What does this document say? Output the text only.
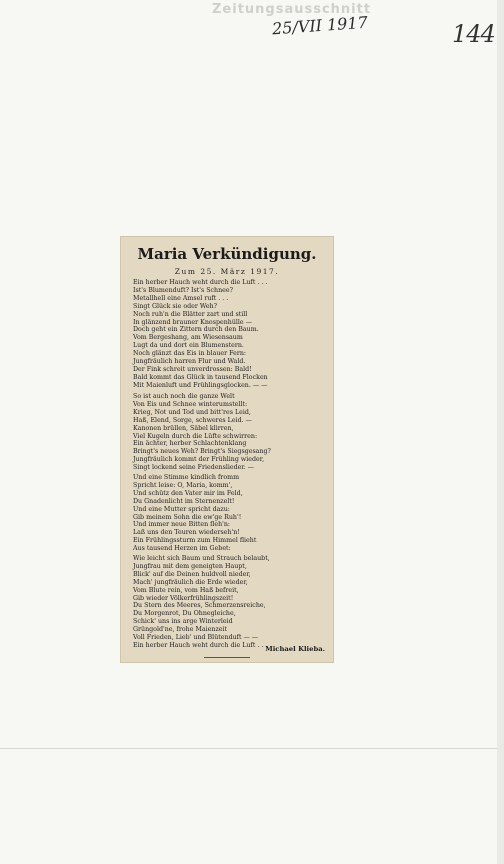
Zeitungsausschnitt
25/VII 1917	144
Maria Verkündigung.
Zum 25. März 1917.
Ein herber Hauch weht durch die Luft . . .
Ist's Blumenduft? Ist's Schnee?
Metallhell eine Amsel ruft . . .
Singt Glück sie oder Weh?
Noch ruh'n die Blätter zart und still
In glänzend brauner Knospenhülle —
Doch geht ein Zittern durch den Baum.
Vom Bergeshang, am Wiesensaum
Lugt da und dort ein Blumenstern.
Noch glänzt das Eis in blauer Fern:
Jungfräulich harren Flur und Wald.
Der Fink schreit unverdrossen: Bald!
Bald kommt das Glück in tausend Flocken
Mit Maienluft und Frühlingsglocken. — —
So ist auch noch die ganze Welt
Von Eis und Schnee winterumstellt:
Krieg, Not und Tod und bitt'res Leid,
Haß, Elend, Sorge, schweres Leid. —
Kanonen brüllen, Säbel klirren,
Viel Kugeln durch die Lüfte schwirren:
Ein ächter, herber Schlachtenklang
Bringt's neues Weh? Bringt's Siegsgesang?
Jungfräulich kommt der Frühling wieder,
Singt lockend seine Friedenslieder. —
Und eine Stimme kindlich fromm
Spricht leise: O, Maria, komm',
Und schütz den Vater mir im Feld,
Du Gnadenlicht im Sternenzelt!
Und eine Mutter spricht dazu:
Gib meinem Sohn die ew'ge Ruh'!
Und immer neue Bitten fleh'n:
Laß uns den Teuren wiederseh'n!
Ein Frühlingssturm zum Himmel flieht
Aus tausend Herzen im Gebet:
Wie leicht sich Baum und Strauch belaubt,
Jungfrau mit dem geneigten Haupt,
Blick' auf die Deinen huldvoll nieder,
Mach' jungfräulich die Erde wieder,
Vom Blute rein, vom Haß befreit,
Gib wieder Völkerfrühlingszeit!
Du Stern des Meeres, Schmerzensreiche,
Du Morgenrot, Du Ohnegleiche,
Schick' uns ins arge Winterleid
Grüngold'ne, frohe Maienzeit
Voll Frieden, Lieb' und Blütenduft — —
Ein herber Hauch weht durch die Luft . . .
Michael Klieba.
